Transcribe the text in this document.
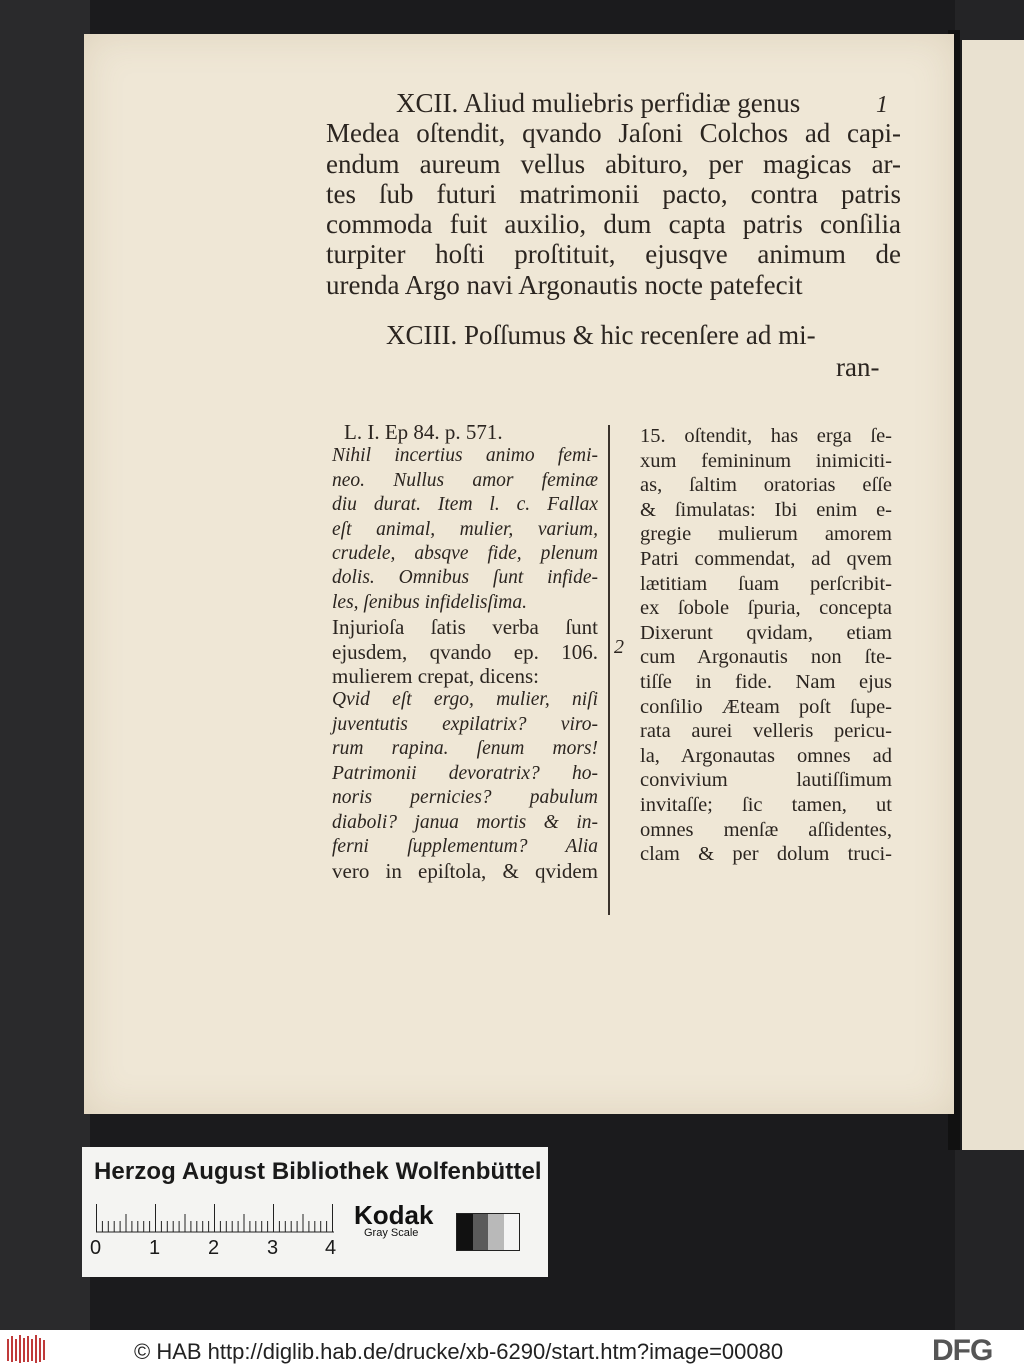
XCII. Aliud muliebris perfidiæ genus
Medea oſtendit, qvando Jaſoni Colchos ad capi-
endum aureum vellus abituro, per magicas ar-
tes ſub futuri matrimonii pacto, contra patris
commoda fuit auxilio, dum capta patris conſilia
turpiter hoſti proſtituit, ejusqve animum de
urenda Argo navi Argonautis nocte patefecit
1
XCIII. Poſſumus & hic recenſere ad mi-
ran-
L. I. Ep 84. p. 571.
Nihil incertius animo femi-
neo. Nullus amor feminæ
diu durat. Item l. c. Fallax
eſt animal, mulier, varium,
crudele, absqve fide, plenum
dolis. Omnibus ſunt infide-
les, ſenibus infidelisſima.
Injurioſa ſatis verba ſunt
ejusdem, qvando ep. 106.
mulierem crepat, dicens:
Qvid eſt ergo, mulier, niſi
juventutis expilatrix? viro-
rum rapina. ſenum mors!
Patrimonii devoratrix? ho-
noris pernicies? pabulum
diaboli? janua mortis & in-
ferni ſupplementum? Alia
vero in epiſtola, & qvidem
2
15. oſtendit, has erga ſe-
xum femininum inimiciti-
as, ſaltim oratorias eſſe
& ſimulatas: Ibi enim e-
gregie mulierum amorem
Patri commendat, ad qvem
lætitiam ſuam perſcribit-
ex ſobole ſpuria, concepta
Dixerunt qvidam, etiam
cum Argonautis non ſte-
tiſſe in fide. Nam ejus
conſilio Æteam poſt ſupe-
rata aurei velleris pericu-
la, Argonautas omnes ad
convivium lautiſſimum
invitaſſe; ſic tamen, ut
omnes menſæ aſſidentes,
clam & per dolum truci-
Herzog August Bibliothek Wolfenbüttel
0 1 2 3 4
Kodak
Gray Scale
© HAB http://diglib.hab.de/drucke/xb-6290/start.htm?image=00080	DFG
